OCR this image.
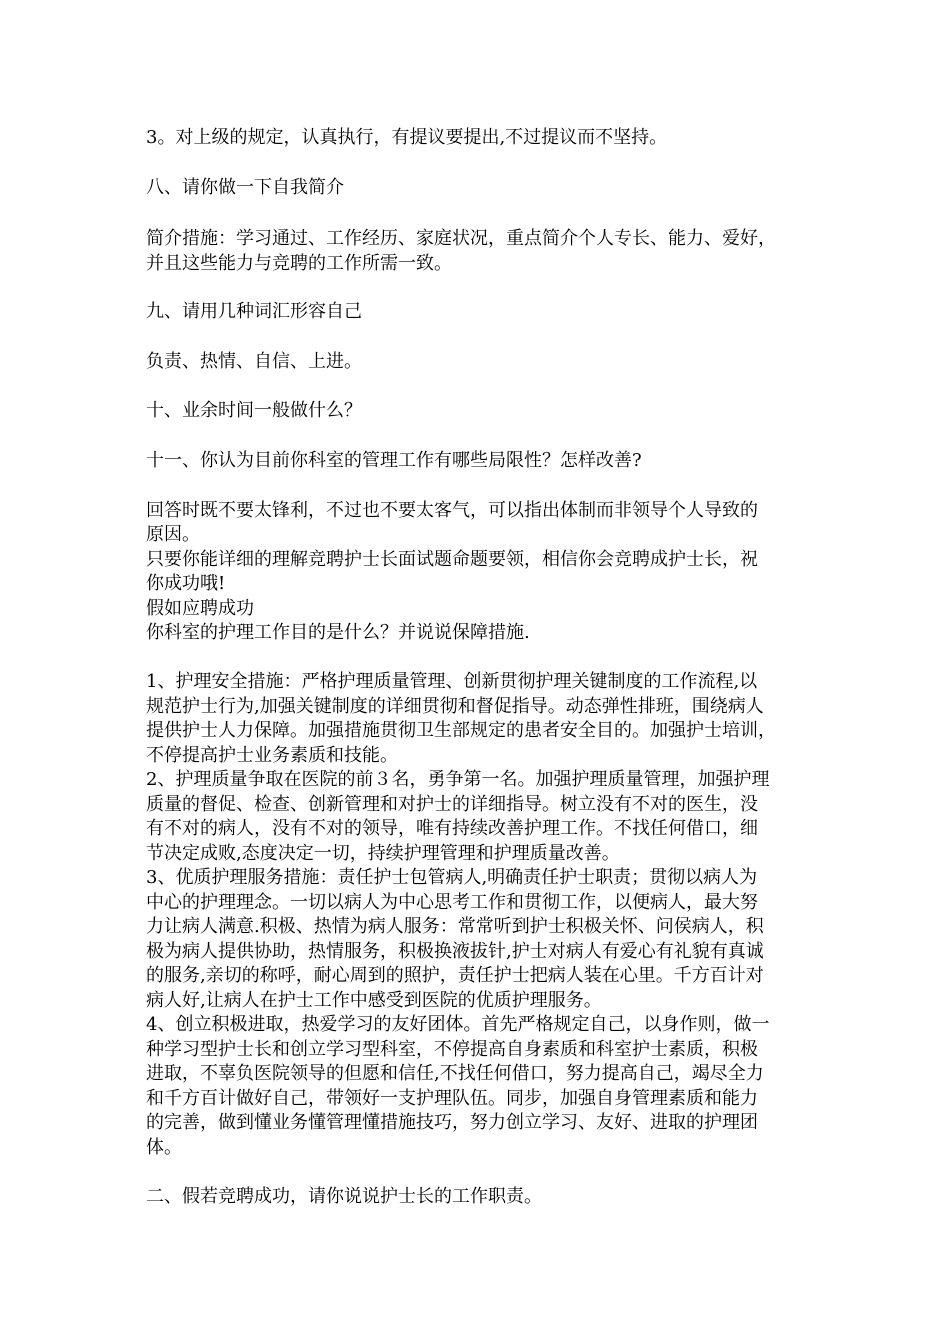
3。对上级的规定，认真执行，有提议要提出,不过提议而不坚持。

八、请你做一下自我简介

简介措施：学习通过、工作经历、家庭状况，重点简介个人专长、能力、爱好，

并且这些能力与竞聘的工作所需一致。

九、请用几种词汇形容自己

负责、热情、自信、上进。

十、业余时间一般做什么？

十一、你认为目前你科室的管理工作有哪些局限性？怎样改善?

回答时既不要太锋利，不过也不要太客气，可以指出体制而非领导个人导致的

原因。

只要你能详细的理解竞聘护士长面试题命题要领，相信你会竞聘成护士长，祝

你成功哦!

假如应聘成功

你科室的护理工作目的是什么？并说说保障措施.

1、护理安全措施：严格护理质量管理、创新贯彻护理关键制度的工作流程,以

规范护士行为,加强关键制度的详细贯彻和督促指导。动态弹性排班，围绕病人

提供护士人力保障。加强措施贯彻卫生部规定的患者安全目的。加强护士培训，

不停提高护士业务素质和技能。

2、护理质量争取在医院的前３名，勇争第一名。加强护理质量管理，加强护理

质量的督促、检查、创新管理和对护士的详细指导。树立没有不对的医生，没

有不对的病人，没有不对的领导，唯有持续改善护理工作。不找任何借口，细

节决定成败,态度决定一切，持续护理管理和护理质量改善。

3、优质护理服务措施：责任护士包管病人,明确责任护士职责；贯彻以病人为

中心的护理理念。一切以病人为中心思考工作和贯彻工作，以便病人，最大努

力让病人满意.积极、热情为病人服务：常常听到护士积极关怀、问侯病人，积

极为病人提供协助，热情服务，积极换液拔针,护士对病人有爱心有礼貌有真诚

的服务,亲切的称呼，耐心周到的照护，责任护士把病人装在心里。千方百计对

病人好,让病人在护士工作中感受到医院的优质护理服务。

4、创立积极进取，热爱学习的友好团体。首先严格规定自己，以身作则，做一

种学习型护士长和创立学习型科室，不停提高自身素质和科室护士素质，积极

进取，不辜负医院领导的但愿和信任,不找任何借口，努力提高自己，竭尽全力

和千方百计做好自己，带领好一支护理队伍。同步，加强自身管理素质和能力

的完善，做到懂业务懂管理懂措施技巧，努力创立学习、友好、进取的护理团

体。

二、假若竞聘成功，请你说说护士长的工作职责。
